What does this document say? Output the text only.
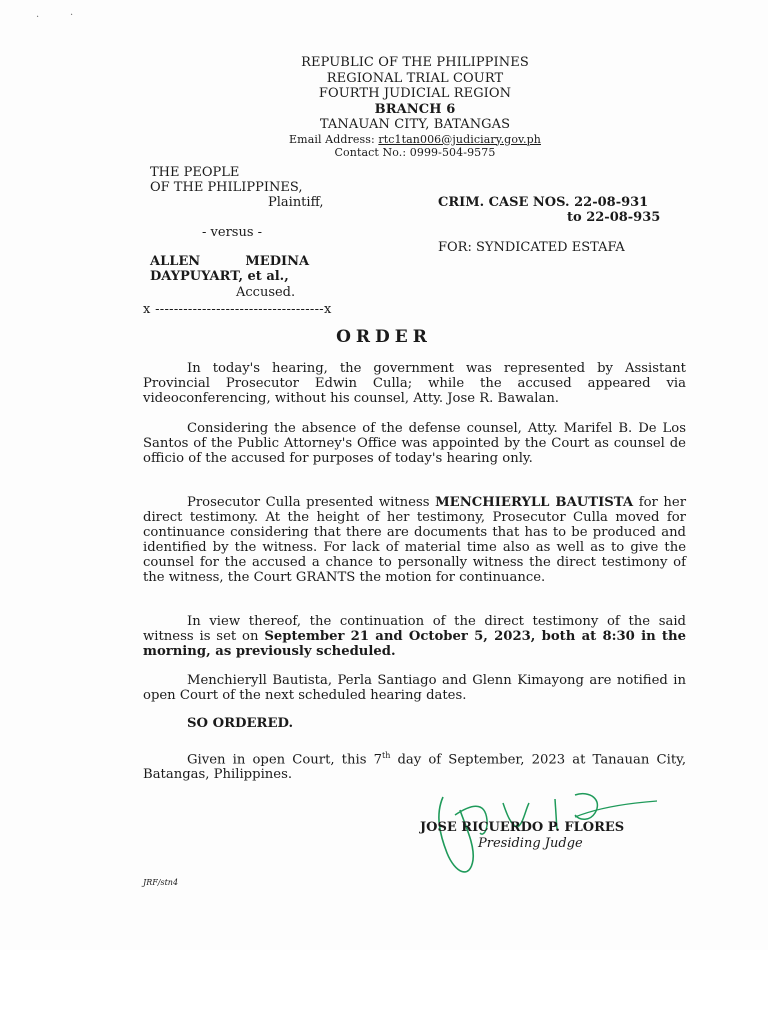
·	·
REPUBLIC OF THE PHILIPPINES
REGIONAL TRIAL COURT
FOURTH JUDICIAL REGION
BRANCH 6
TANAUAN CITY, BATANGAS
Email Address: rtc1tan006@judiciary.gov.ph
Contact No.: 0999-504-9575
THE PEOPLE
OF THE PHILIPPINES,
Plaintiff,
- versus -
ALLEN          MEDINA
DAYPUYART, et al.,
Accused.
x ------------------------------------x
CRIM. CASE NOS. 22-08-931
to 22-08-935
FOR: SYNDICATED ESTAFA
ORDER
In today's hearing, the government was represented by Assistant Provincial Prosecutor Edwin Culla; while the accused appeared via videoconferencing, without his counsel, Atty. Jose R. Bawalan.
Considering the absence of the defense counsel, Atty. Marifel B. De Los Santos of the Public Attorney's Office was appointed by the Court as counsel de officio of the accused for purposes of today's hearing only.
Prosecutor Culla presented witness MENCHIERYLL BAUTISTA for her direct testimony. At the height of her testimony, Prosecutor Culla moved for continuance considering that there are documents that has to be produced and identified by the witness. For lack of material time also as well as to give the counsel for the accused a chance to personally witness the direct testimony of the witness, the Court GRANTS the motion for continuance.
In view thereof, the continuation of the direct testimony of the said witness is set on September 21 and October 5, 2023, both at 8:30 in the morning, as previously scheduled.
Menchieryll Bautista, Perla Santiago and Glenn Kimayong are notified in open Court of the next scheduled hearing dates.
SO ORDERED.
Given in open Court, this 7th day of September, 2023 at Tanauan City, Batangas, Philippines.
JOSE RICUERDO P. FLORES
Presiding Judge
JRF/stn4
